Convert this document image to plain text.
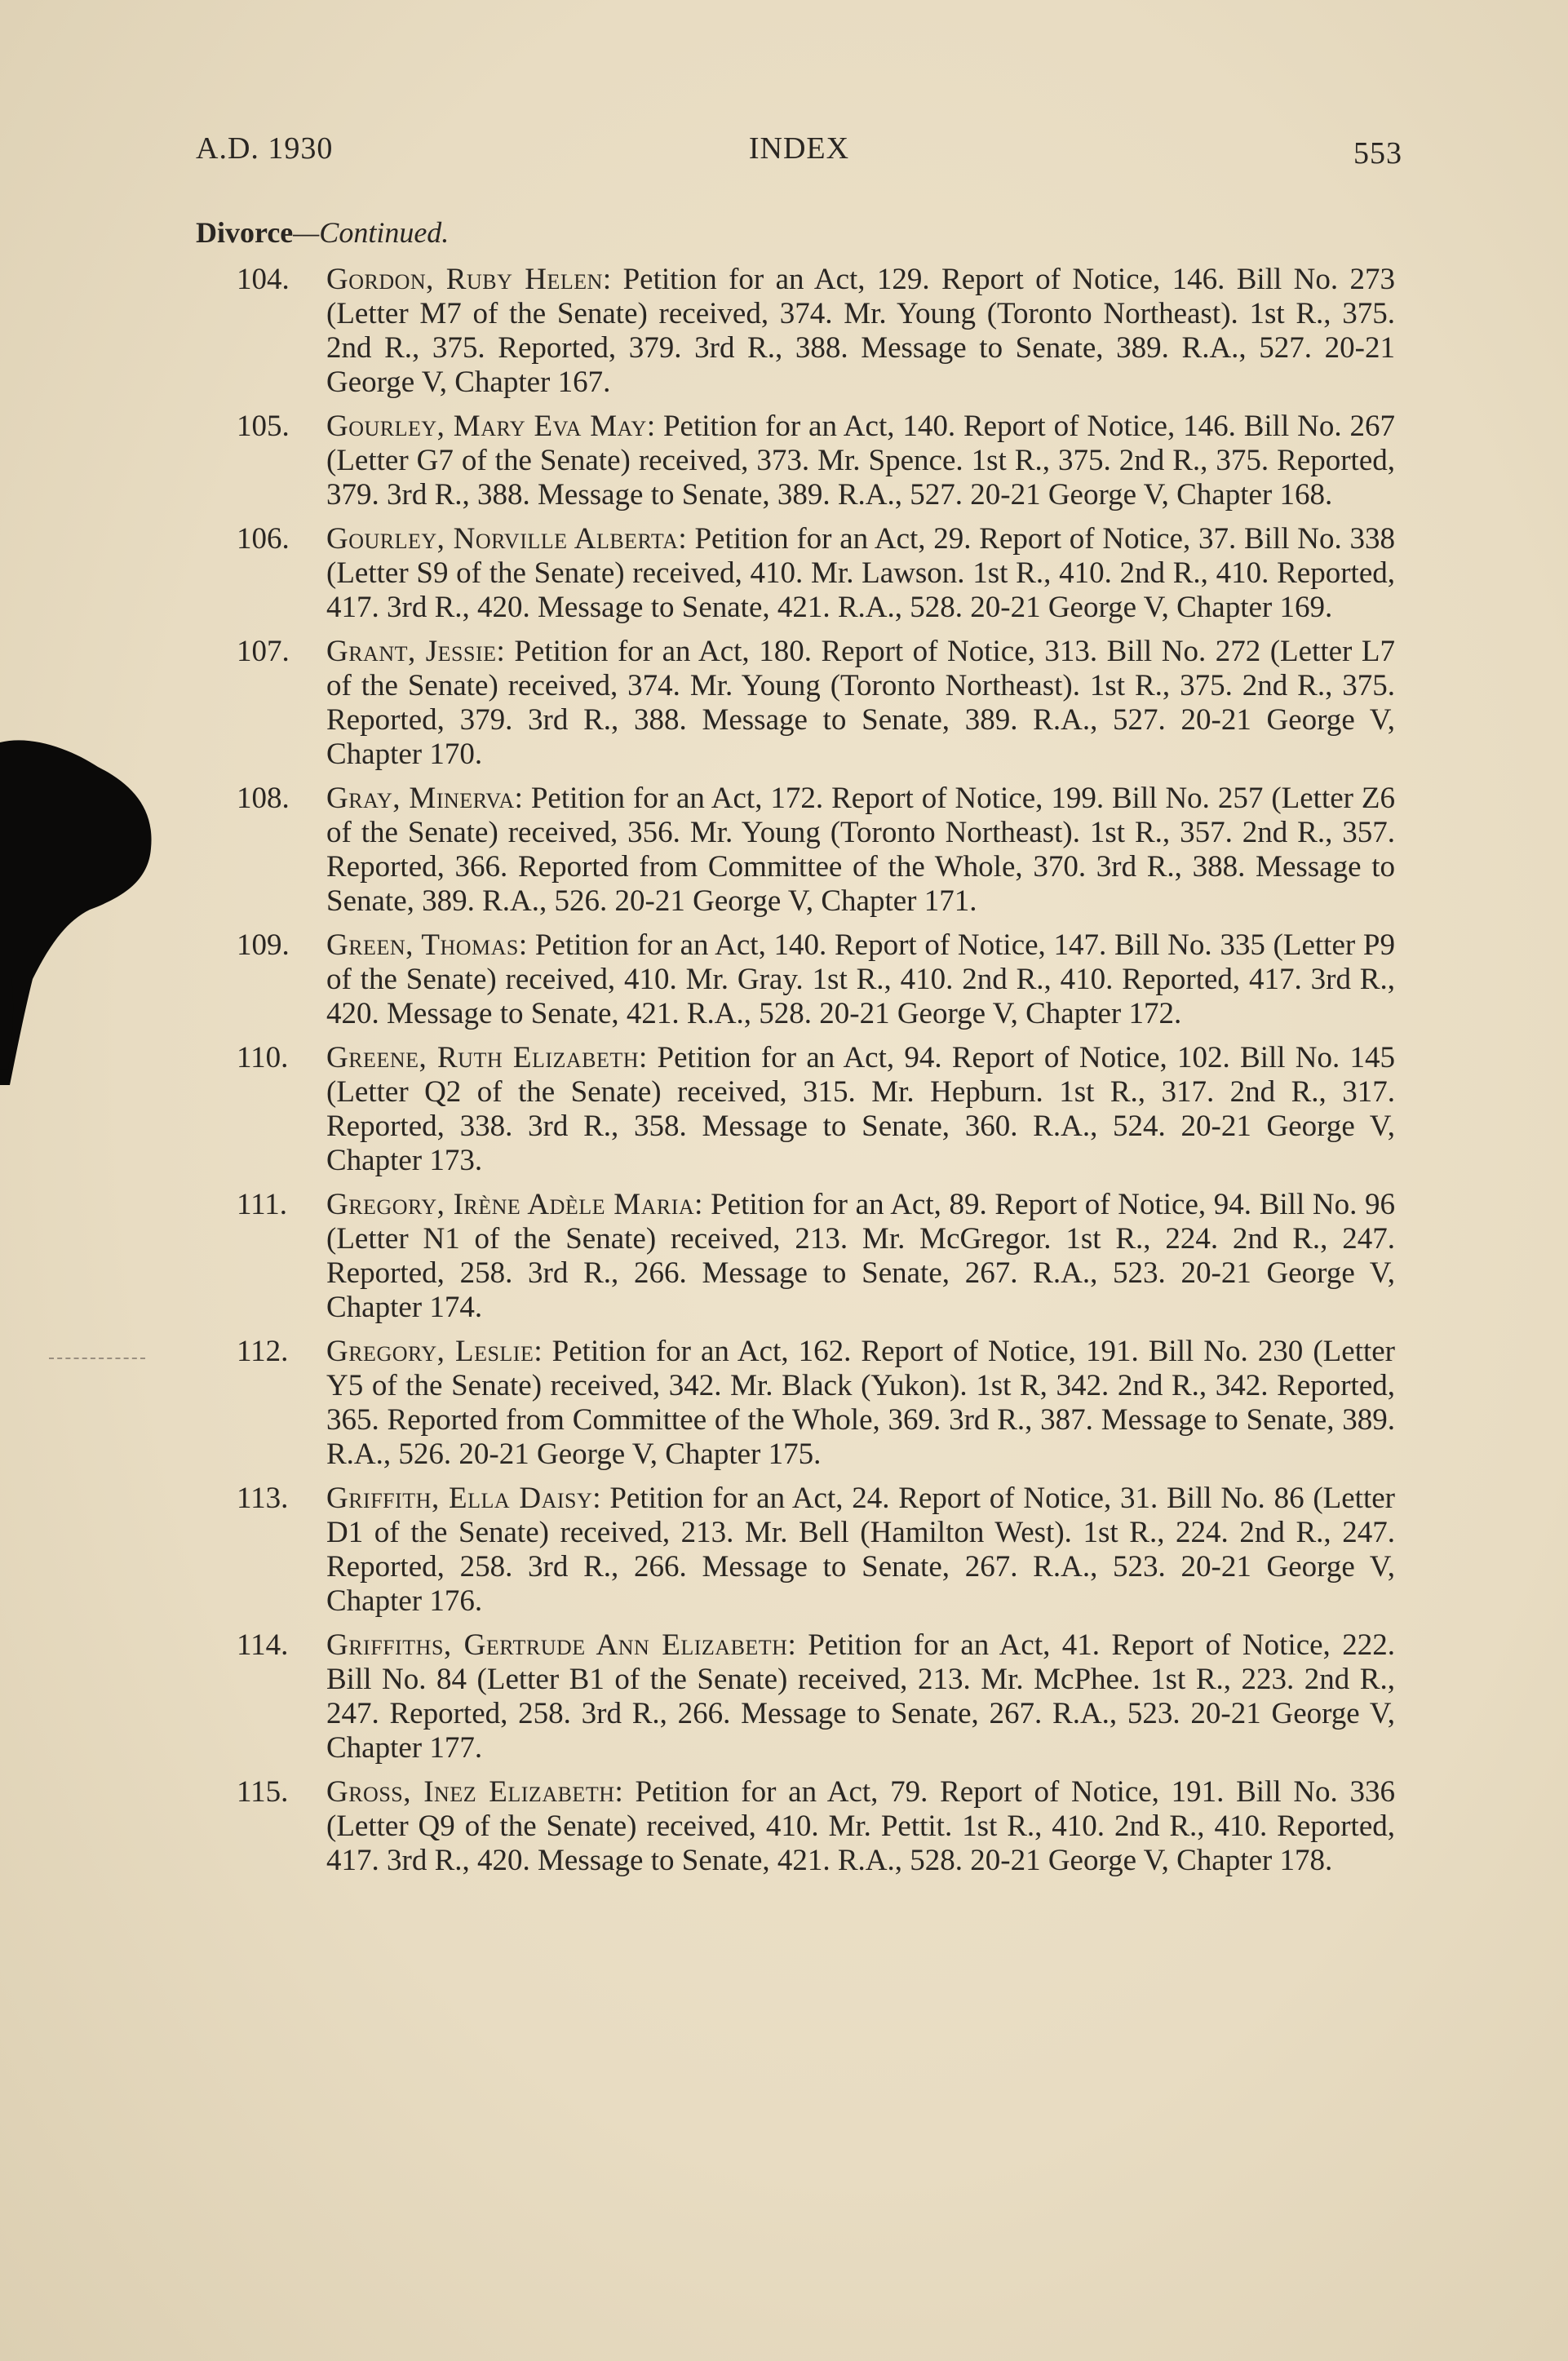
A.D. 1930	INDEX	553
Divorce—Continued.
104. Gordon, Ruby Helen: Petition for an Act, 129. Report of Notice, 146. Bill No. 273 (Letter M7 of the Senate) received, 374. Mr. Young (Toronto Northeast). 1st R., 375. 2nd R., 375. Reported, 379. 3rd R., 388. Message to Senate, 389. R.A., 527. 20-21 George V, Chapter 167.
105. Gourley, Mary Eva May: Petition for an Act, 140. Report of Notice, 146. Bill No. 267 (Letter G7 of the Senate) received, 373. Mr. Spence. 1st R., 375. 2nd R., 375. Reported, 379. 3rd R., 388. Message to Senate, 389. R.A., 527. 20-21 George V, Chapter 168.
106. Gourley, Norville Alberta: Petition for an Act, 29. Report of Notice, 37. Bill No. 338 (Letter S9 of the Senate) received, 410. Mr. Lawson. 1st R., 410. 2nd R., 410. Reported, 417. 3rd R., 420. Message to Senate, 421. R.A., 528. 20-21 George V, Chapter 169.
107. Grant, Jessie: Petition for an Act, 180. Report of Notice, 313. Bill No. 272 (Letter L7 of the Senate) received, 374. Mr. Young (Toronto Northeast). 1st R., 375. 2nd R., 375. Reported, 379. 3rd R., 388. Message to Senate, 389. R.A., 527. 20-21 George V, Chapter 170.
108. Gray, Minerva: Petition for an Act, 172. Report of Notice, 199. Bill No. 257 (Letter Z6 of the Senate) received, 356. Mr. Young (Toronto Northeast). 1st R., 357. 2nd R., 357. Reported, 366. Reported from Committee of the Whole, 370. 3rd R., 388. Message to Senate, 389. R.A., 526. 20-21 George V, Chapter 171.
109. Green, Thomas: Petition for an Act, 140. Report of Notice, 147. Bill No. 335 (Letter P9 of the Senate) received, 410. Mr. Gray. 1st R., 410. 2nd R., 410. Reported, 417. 3rd R., 420. Message to Senate, 421. R.A., 528. 20-21 George V, Chapter 172.
110. Greene, Ruth Elizabeth: Petition for an Act, 94. Report of Notice, 102. Bill No. 145 (Letter Q2 of the Senate) received, 315. Mr. Hepburn. 1st R., 317. 2nd R., 317. Reported, 338. 3rd R., 358. Message to Senate, 360. R.A., 524. 20-21 George V, Chapter 173.
111. Gregory, Irène Adèle Maria: Petition for an Act, 89. Report of Notice, 94. Bill No. 96 (Letter N1 of the Senate) received, 213. Mr. McGregor. 1st R., 224. 2nd R., 247. Reported, 258. 3rd R., 266. Message to Senate, 267. R.A., 523. 20-21 George V, Chapter 174.
112. Gregory, Leslie: Petition for an Act, 162. Report of Notice, 191. Bill No. 230 (Letter Y5 of the Senate) received, 342. Mr. Black (Yukon). 1st R, 342. 2nd R., 342. Reported, 365. Reported from Committee of the Whole, 369. 3rd R., 387. Message to Senate, 389. R.A., 526. 20-21 George V, Chapter 175.
113. Griffith, Ella Daisy: Petition for an Act, 24. Report of Notice, 31. Bill No. 86 (Letter D1 of the Senate) received, 213. Mr. Bell (Hamilton West). 1st R., 224. 2nd R., 247. Reported, 258. 3rd R., 266. Message to Senate, 267. R.A., 523. 20-21 George V, Chapter 176.
114. Griffiths, Gertrude Ann Elizabeth: Petition for an Act, 41. Report of Notice, 222. Bill No. 84 (Letter B1 of the Senate) received, 213. Mr. McPhee. 1st R., 223. 2nd R., 247. Reported, 258. 3rd R., 266. Message to Senate, 267. R.A., 523. 20-21 George V, Chapter 177.
115. Gross, Inez Elizabeth: Petition for an Act, 79. Report of Notice, 191. Bill No. 336 (Letter Q9 of the Senate) received, 410. Mr. Pettit. 1st R., 410. 2nd R., 410. Reported, 417. 3rd R., 420. Message to Senate, 421. R.A., 528. 20-21 George V, Chapter 178.
